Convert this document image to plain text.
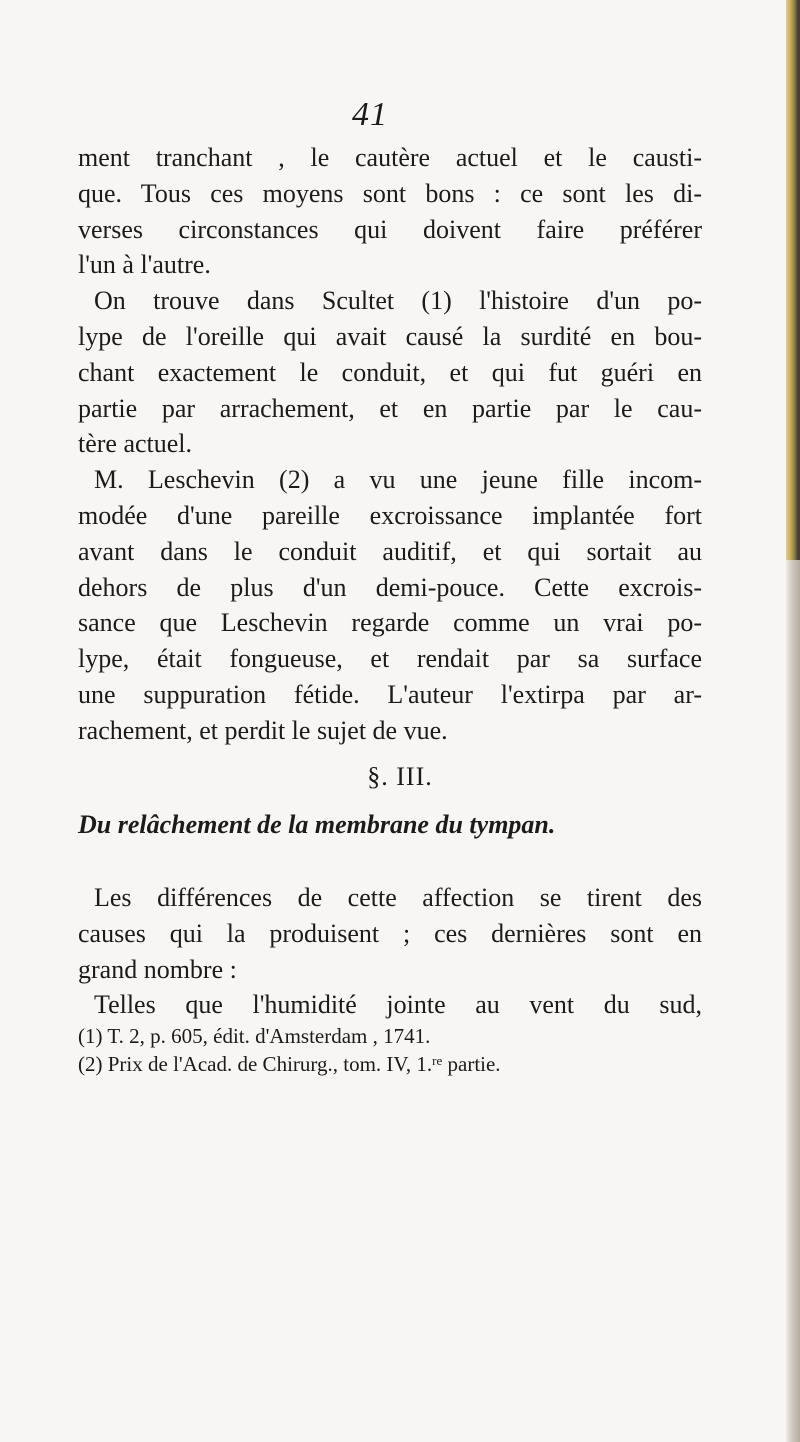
41
ment tranchant , le cautère actuel et le causti-
que. Tous ces moyens sont bons : ce sont les di-
verses circonstances qui doivent faire préférer
l'un à l'autre.
On trouve dans Scultet (1) l'histoire d'un po-
lype de l'oreille qui avait causé la surdité en bou-
chant exactement le conduit, et qui fut guéri en
partie par arrachement, et en partie par le cau-
tère actuel.
M. Leschevin (2) a vu une jeune fille incom-
modée d'une pareille excroissance implantée fort
avant dans le conduit auditif, et qui sortait au
dehors de plus d'un demi-pouce. Cette excrois-
sance que Leschevin regarde comme un vrai po-
lype, était fongueuse, et rendait par sa surface
une suppuration fétide. L'auteur l'extirpa par ar-
rachement, et perdit le sujet de vue.
§. III.
Du relâchement de la membrane du tympan.
Les différences de cette affection se tirent des
causes qui la produisent ; ces dernières sont en
grand nombre :
Telles que l'humidité jointe au vent du sud,
(1) T. 2, p. 605, édit. d'Amsterdam , 1741.
(2) Prix de l'Acad. de Chirurg., tom. IV, 1.$^{re}$ partie.
